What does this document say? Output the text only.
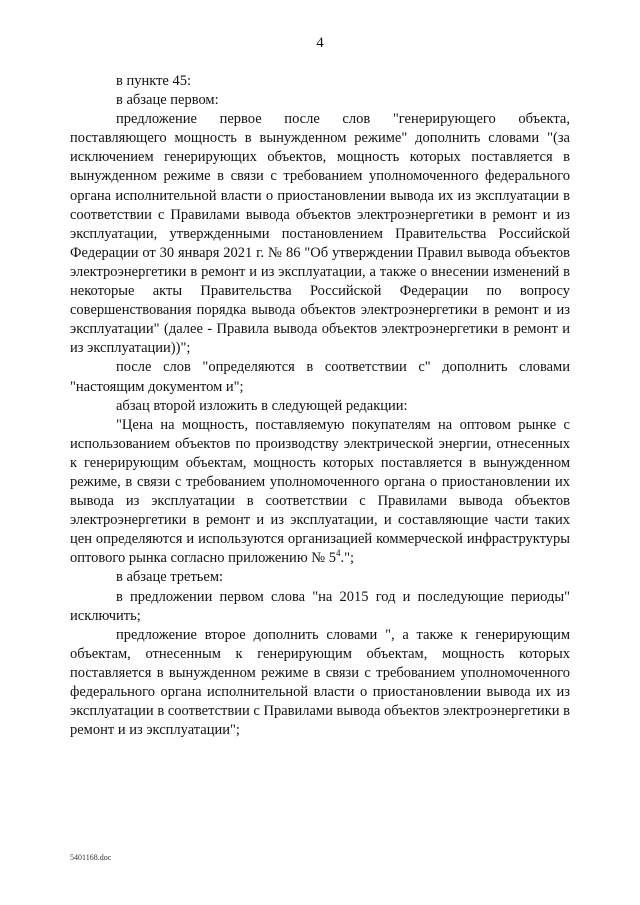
4

в пункте 45:

в абзаце первом:

предложение первое после слов "генерирующего объекта, поставляющего мощность в вынужденном режиме" дополнить словами "(за исключением генерирующих объектов, мощность которых поставляется в вынужденном режиме в связи с требованием уполномоченного федерального органа исполнительной власти о приостановлении вывода их из эксплуатации в соответствии с Правилами вывода объектов электроэнергетики в ремонт и из эксплуатации, утвержденными постановлением Правительства Российской Федерации от 30 января 2021 г. № 86 "Об утверждении Правил вывода объектов электроэнергетики в ремонт и из эксплуатации, а также о внесении изменений в некоторые акты Правительства Российской Федерации по вопросу совершенствования порядка вывода объектов электроэнергетики в ремонт и из эксплуатации" (далее - Правила вывода объектов электроэнергетики в ремонт и из эксплуатации))";

после слов "определяются в соответствии с" дополнить словами "настоящим документом и";

абзац второй изложить в следующей редакции:

"Цена на мощность, поставляемую покупателям на оптовом рынке с использованием объектов по производству электрической энергии, отнесенных к генерирующим объектам, мощность которых поставляется в вынужденном режиме, в связи с требованием уполномоченного органа о приостановлении их вывода из эксплуатации в соответствии с Правилами вывода объектов электроэнергетики в ремонт и из эксплуатации, и составляющие части таких цен определяются и используются организацией коммерческой инфраструктуры оптового рынка согласно приложению № $5^4$.";

в абзаце третьем:

в предложении первом слова "на 2015 год и последующие периоды" исключить;

предложение второе дополнить словами ", а также к генерирующим объектам, отнесенным к генерирующим объектам, мощность которых поставляется в вынужденном режиме в связи с требованием уполномоченного федерального органа исполнительной власти о приостановлении вывода их из эксплуатации в соответствии с Правилами вывода объектов электроэнергетики в ремонт и из эксплуатации";

5401168.doc
